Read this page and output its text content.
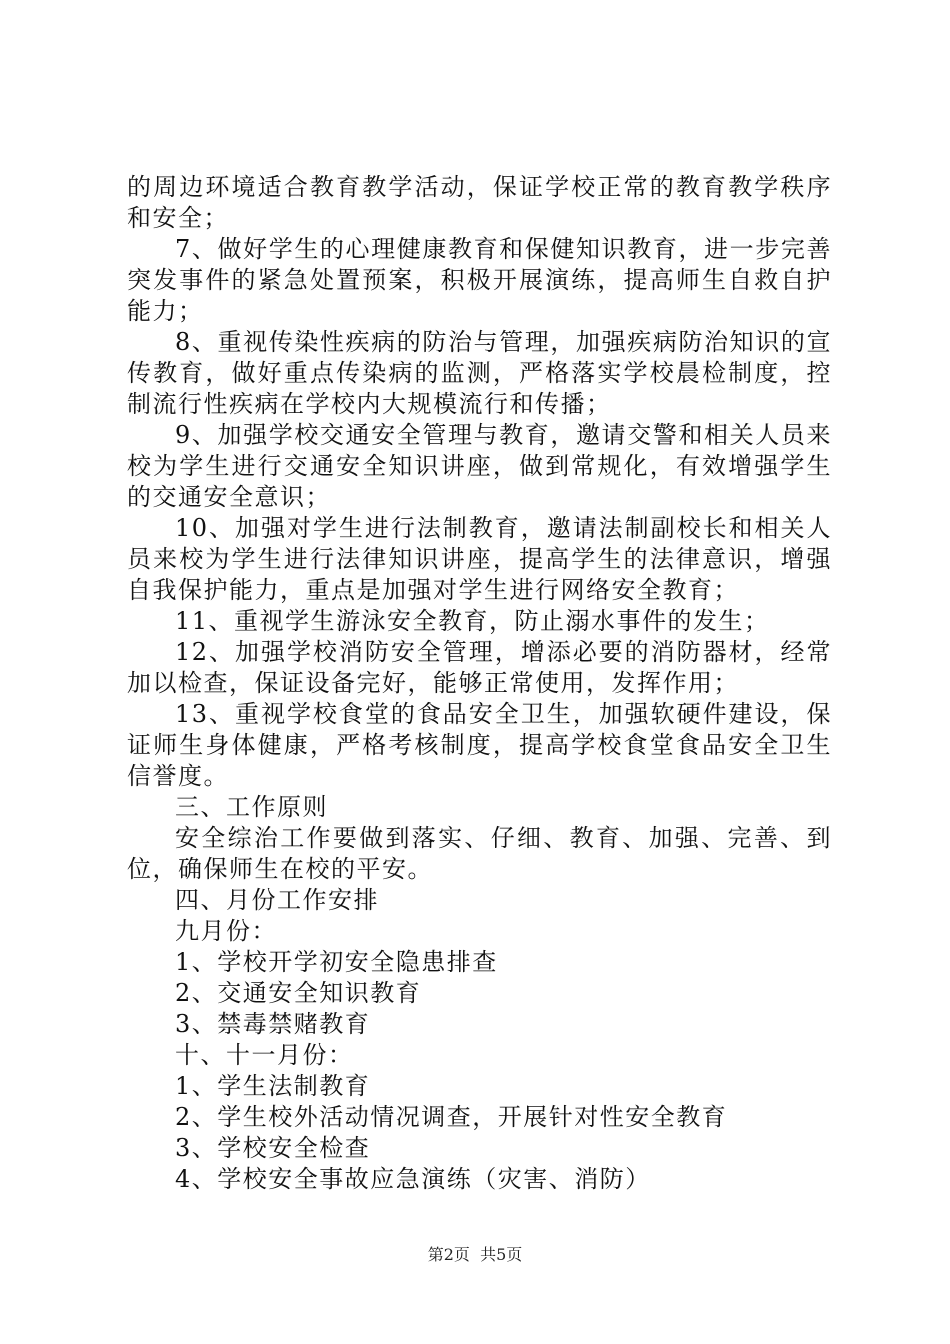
的周边环境适合教育教学活动，保证学校正常的教育教学秩序和安全；

7、做好学生的心理健康教育和保健知识教育，进一步完善突发事件的紧急处置预案，积极开展演练，提高师生自救自护能力；

8、重视传染性疾病的防治与管理，加强疾病防治知识的宣传教育，做好重点传染病的监测，严格落实学校晨检制度，控制流行性疾病在学校内大规模流行和传播；

9、加强学校交通安全管理与教育，邀请交警和相关人员来校为学生进行交通安全知识讲座，做到常规化，有效增强学生的交通安全意识；

10、加强对学生进行法制教育，邀请法制副校长和相关人员来校为学生进行法律知识讲座，提高学生的法律意识，增强自我保护能力，重点是加强对学生进行网络安全教育；

11、重视学生游泳安全教育，防止溺水事件的发生；

12、加强学校消防安全管理，增添必要的消防器材，经常加以检查，保证设备完好，能够正常使用，发挥作用；

13、重视学校食堂的食品安全卫生，加强软硬件建设，保证师生身体健康，严格考核制度，提高学校食堂食品安全卫生信誉度。

三、工作原则

安全综治工作要做到落实、仔细、教育、加强、完善、到位，确保师生在校的平安。

四、月份工作安排

九月份：

1、学校开学初安全隐患排查

2、交通安全知识教育

3、禁毒禁赌教育

十、十一月份：

1、学生法制教育

2、学生校外活动情况调查，开展针对性安全教育

3、学校安全检查

4、学校安全事故应急演练（灾害、消防）

第2页 共5页
